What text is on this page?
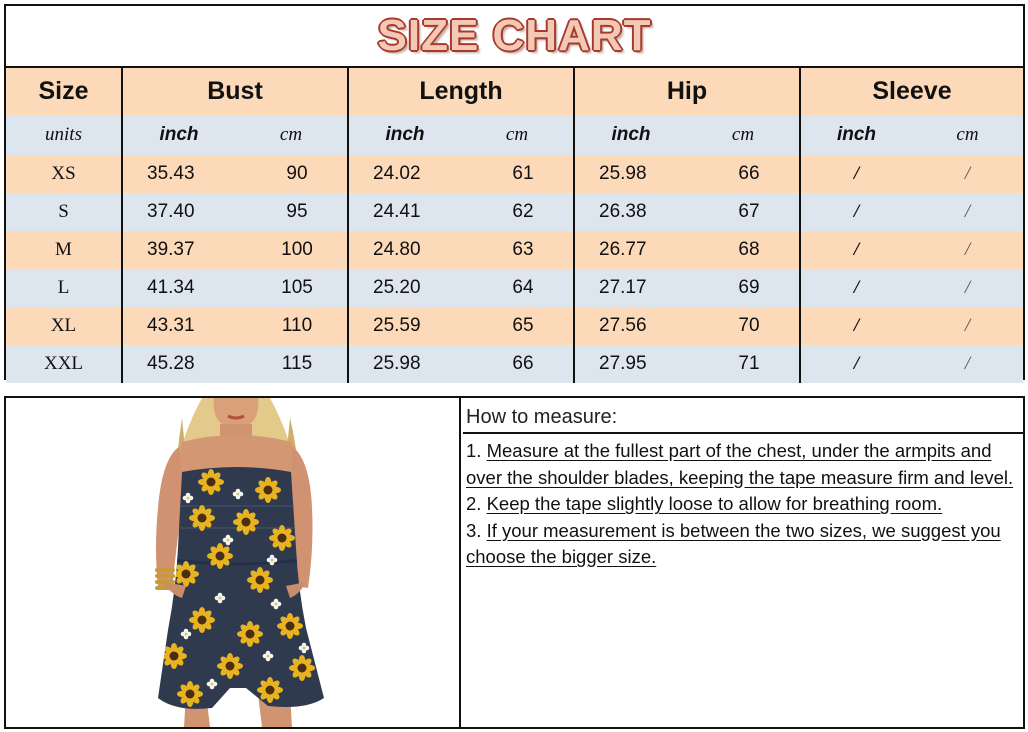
SIZE CHART
Size	Bust	Length	Hip	Sleeve
units	inch cm	inch cm	inch cm	inch cm

XS	35.43 90	24.02 61	25.98 66	/ /

S	37.40 95	24.41 62	26.38 67	/ /

M	39.37 100	24.80 63	26.77 68	/ /

L	41.34 105	25.20 64	27.17 69	/ /

XL	43.31 110	25.59 65	27.56 70	/ /

XXL	45.28 115	25.98 66	27.95 71	/ /
How to measure:
1. Measure at the fullest part of the chest, under the armpits and over the shoulder blades, keeping the tape measure firm and level.
2. Keep the tape slightly loose to allow for breathing room.
3. If your measurement is between the two sizes, we suggest you choose the bigger size.
